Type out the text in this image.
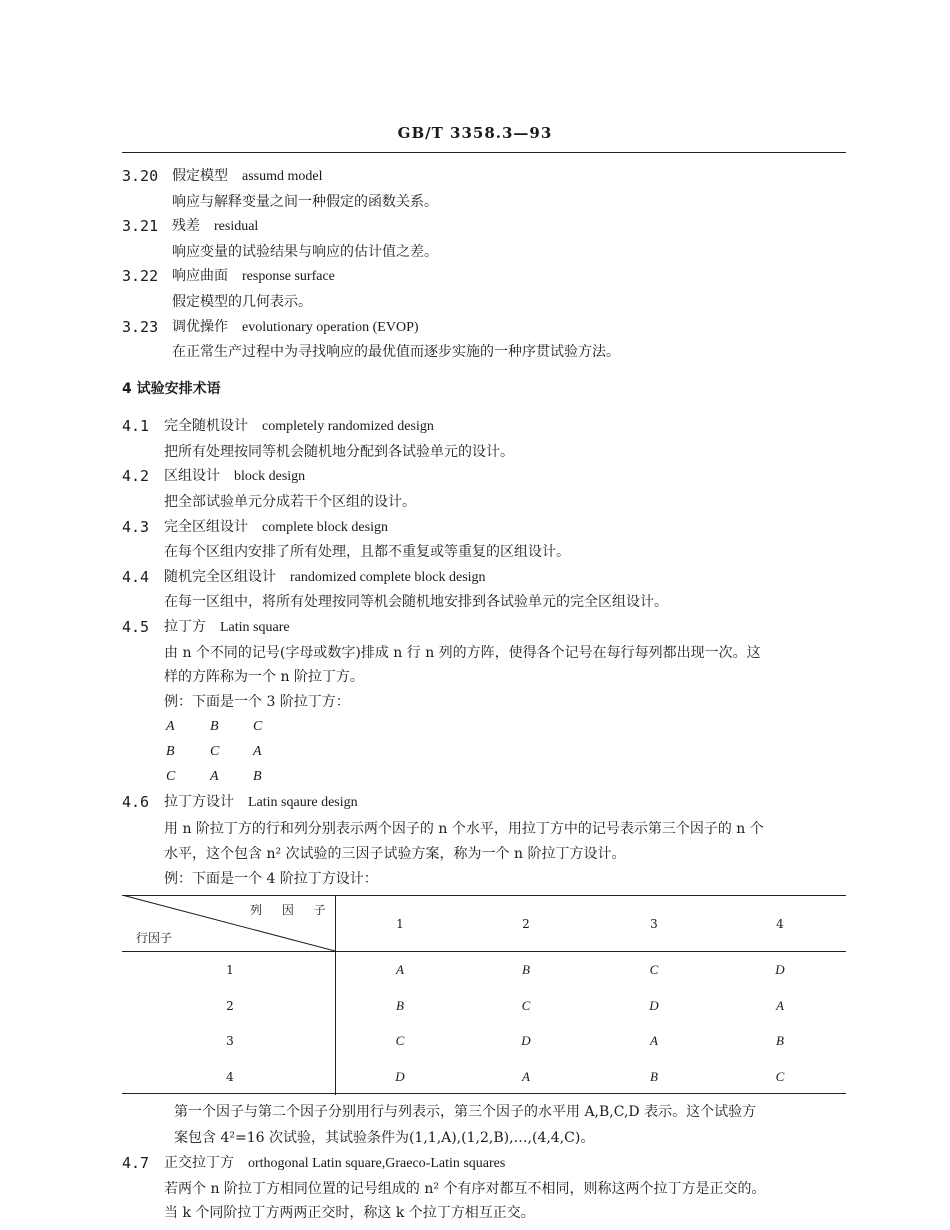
GB/T 3358.3—93
3.20 假定模型 assumd model
响应与解释变量之间一种假定的函数关系。
3.21 残差 residual
响应变量的试验结果与响应的估计值之差。
3.22 响应曲面 response surface
假定模型的几何表示。
3.23 调优操作 evolutionary operation (EVOP)
在正常生产过程中为寻找响应的最优值而逐步实施的一种序贯试验方法。
4 试验安排术语
4.1 完全随机设计 completely randomized design
把所有处理按同等机会随机地分配到各试验单元的设计。
4.2 区组设计 block design
把全部试验单元分成若干个区组的设计。
4.3 完全区组设计 complete block design
在每个区组内安排了所有处理，且都不重复或等重复的区组设计。
4.4 随机完全区组设计 randomized complete block design
在每一区组中，将所有处理按同等机会随机地安排到各试验单元的完全区组设计。
4.5 拉丁方 Latin square
由 n 个不同的记号(字母或数字)排成 n 行 n 列的方阵，使得各个记号在每行每列都出现一次。这
样的方阵称为一个 n 阶拉丁方。
例：下面是一个 3 阶拉丁方：
A	B C
B	C A
C A B
4.6 拉丁方设计 Latin sqaure design
用 n 阶拉丁方的行和列分别表示两个因子的 n 个水平，用拉丁方中的记号表示第三个因子的 n 个
水平，这个包含 n² 次试验的三因子试验方案，称为一个 n 阶拉丁方设计。
例：下面是一个 4 阶拉丁方设计：
列 因 子
行因子
1	2	3	4
1	A	B	C	D
2	B	C	D	A
3	C	D	A	B
4	D	A	B	C
第一个因子与第二个因子分别用行与列表示，第三个因子的水平用 A,B,C,D 表示。这个试验方
案包含 4²=16 次试验，其试验条件为(1,1,A),(1,2,B),…,(4,4,C)。
4.7 正交拉丁方 orthogonal Latin square,Graeco-Latin squares
若两个 n 阶拉丁方相同位置的记号组成的 n² 个有序对都互不相同，则称这两个拉丁方是正交的。
当 k 个同阶拉丁方两两正交时，称这 k 个拉丁方相互正交。
